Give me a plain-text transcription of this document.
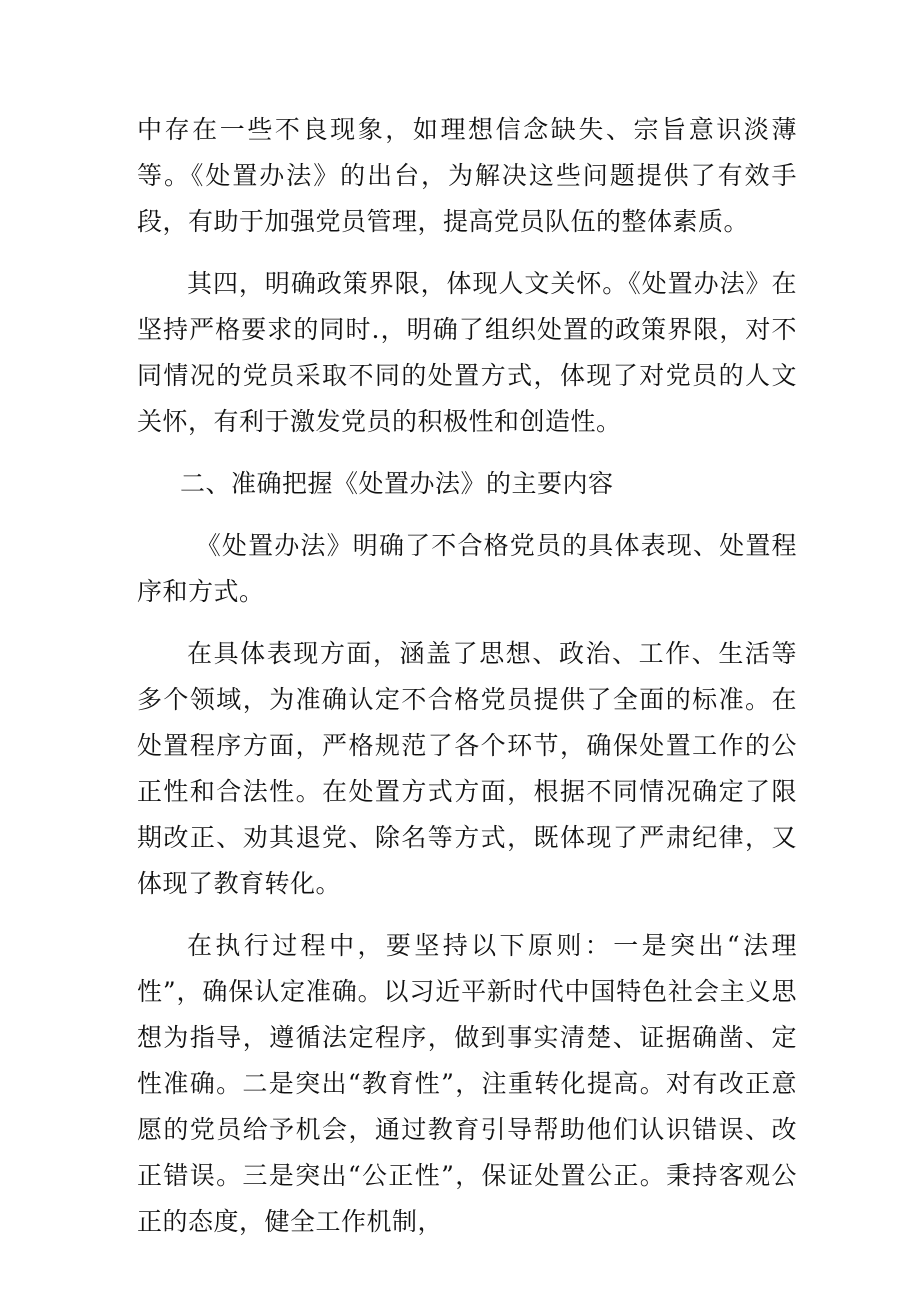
中存在一些不良现象，如理想信念缺失、宗旨意识淡薄等。《处置办法》的出台，为解决这些问题提供了有效手段，有助于加强党员管理，提高党员队伍的整体素质。

其四，明确政策界限，体现人文关怀。《处置办法》在坚持严格要求的同时.，明确了组织处置的政策界限，对不同情况的党员采取不同的处置方式，体现了对党员的人文关怀，有利于激发党员的积极性和创造性。

二、准确把握《处置办法》的主要内容

《处置办法》明确了不合格党员的具体表现、处置程序和方式。

在具体表现方面，涵盖了思想、政治、工作、生活等多个领域，为准确认定不合格党员提供了全面的标准。在处置程序方面，严格规范了各个环节，确保处置工作的公正性和合法性。在处置方式方面，根据不同情况确定了限期改正、劝其退党、除名等方式，既体现了严肃纪律，又体现了教育转化。

在执行过程中，要坚持以下原则：一是突出“法理性”，确保认定准确。以习近平新时代中国特色社会主义思想为指导，遵循法定程序，做到事实清楚、证据确凿、定性准确。二是突出“教育性”，注重转化提高。对有改正意愿的党员给予机会，通过教育引导帮助他们认识错误、改正错误。三是突出“公正性”，保证处置公正。秉持客观公正的态度，健全工作机制，
